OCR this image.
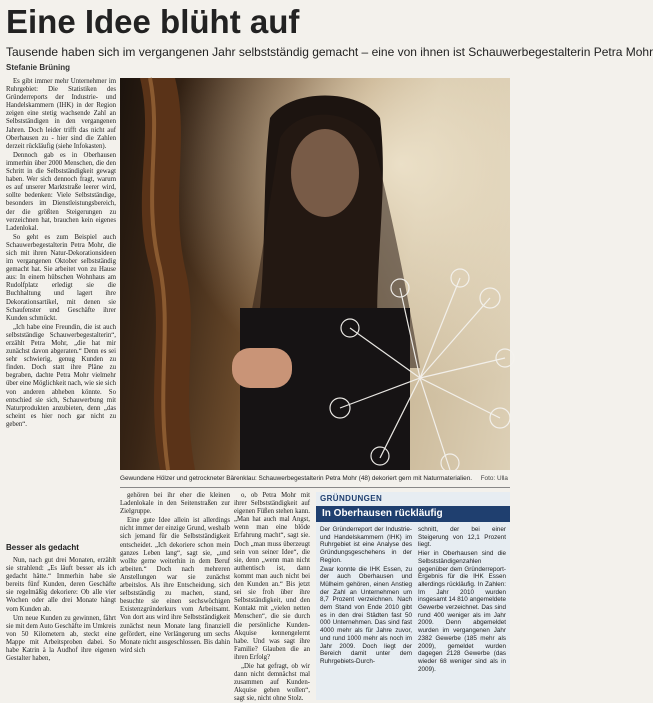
Eine Idee blüht auf
Tausende haben sich im vergangenen Jahr selbstständig gemacht – eine von ihnen ist Schauwerbegestalterin Petra Mohr
Stefanie Brüning

Es gibt immer mehr Unternehmer im Ruhrgebiet: Die Statistiken des Gründerreports der Industrie- und Handelskammern (IHK) in der Region zeigen eine stetig wachsende Zahl an Selbstständigen in den vergangenen Jahren. Doch leider trifft das nicht auf Oberhausen zu - hier sind die Zahlen derzeit rückläufig (siehe Infokasten).

Dennoch gab es in Oberhausen immerhin über 2000 Menschen, die den Schritt in die Selbstständigkeit gewagt haben. Wer sich dennoch fragt, warum es auf unserer Marktstraße leerer wird, sollte bedenken: Viele Selbstständige, besonders im Dienstleistungsbereich, der die größten Steigerungen zu verzeichnen hat, brauchen kein eigenes Ladenlokal.

So geht es zum Beispiel auch Schauwerbegestalterin Petra Mohr, die sich mit ihren Natur-Dekorationsideen im vergangenen Oktober selbstständig gemacht hat. Sie arbeitet von zu Hause aus: In einem hübschen Wohnhaus am Rudolfplatz erledigt sie die Buchhaltung und lagert ihre Dekorationsartikel, mit denen sie Schaufenster und Geschäfte ihrer Kunden schmückt.

„Ich habe eine Freundin, die ist auch selbstständige Schauwerbegestalterin“, erzählt Petra Mohr, „die hat mir zunächst davon abgeraten.“ Denn es sei sehr schwierig, genug Kunden zu finden. Doch statt ihre Pläne zu begraben, dachte Petra Mohr vielmehr über eine Möglichkeit nach, wie sie sich von anderen abheben könnte. So entschied sie sich, Schauwerbung mit Naturprodukten anzubieten, denn „das scheint es hier noch gar nicht zu geben“.

Besser als gedacht

Nun, nach gut drei Monaten, erzählt sie strahlend: „Es läuft besser als ich gedacht hätte.“ Immerhin habe sie bereits fünf Kunden, deren Geschäfte sie regelmäßig dekoriere: Ob alle vier Wochen oder alle drei Monate hängt vom Kunden ab.

Um neue Kunden zu gewinnen, fährt sie mit dem Auto Geschäfte im Umkreis von 50 Kilometern ab, steckt eine Mappe mit Arbeitsproben dabei. So habe Katrin à la Audhof ihre eigenen Gestalter haben,

Gewundene Hölzer und getrockneter Bärenklau: Schauwerbegestalterin Petra Mohr (48) dekoriert gern mit Naturmaterialien. Foto: Ulla

gehören bei ihr eher die kleinen Ladenlokale in den Seitenstraßen zur Zielgruppe.

Eine gute Idee allein ist allerdings nicht immer der einzige Grund, weshalb sich jemand für die Selbstständigkeit entscheidet. „Ich dekoriere schon mein ganzes Leben lang“, sagt sie, „und wollte gerne weiterhin in dem Beruf arbeiten.“ Doch nach mehreren Anstellungen war sie zunächst arbeitslos. Als ihre Entscheidung, sich selbstständig zu machen, stand, besuchte sie einen sechswöchigen Existenzgründerkurs vom Arbeitsamt. Von dort aus wird ihre Selbstständigkeit zunächst neun Monate lang finanziell gefördert, eine Verlängerung um sechs Monate nicht ausgeschlossen. Bis dahin wird sich

o, ob Petra Mohr mit ihrer Selbstständigkeit auf eigenen Füßen stehen kann. „Man hat auch mal Angst, wenn man eine blöde Erfahrung macht“, sagt sie. Doch „man muss überzeugt sein von seiner Idee“, die sie, denn „wenn man nicht authentisch ist, dann kommt man auch nicht bei den Kunden an.“ Bis jetzt sei sie froh über ihre Selbstständigkeit, und den Kontakt mit „vielen netten Menschen“, die sie durch die persönliche Kunden-Akquise kennengelernt habe. Und was sagt ihre Familie? Glauben die an ihren Erfolg?

„Die hat gefragt, ob wir dann nicht demnächst mal zusammen auf Kunden-Akquise gehen wollen“, sagt sie, nicht ohne Stolz.

GRÜNDUNGEN
In Oberhausen rückläufig

Der Gründerreport der Industrie- und Handelskammern (IHK) im Ruhrgebiet ist eine Analyse des Gründungsgeschehens in der Region.

Zwar konnte die IHK Essen, zu der auch Oberhausen und Mülheim gehören, einen Anstieg der Zahl an Unternehmen um 8,7 Prozent verzeichnen. Nach dem Stand von Ende 2010 gibt es in den drei Städten fast 50 000 Unternehmen. Das sind fast 4000 mehr als für Jahre zuvor, und rund 1000 mehr als noch im Jahr 2009. Doch liegt der Bereich damit unter dem Ruhrgebiets-Durch-

schnitt, der bei einer Steigerung von 12,1 Prozent liegt.

Hier in Oberhausen sind die Selbstständigenzahlen gegenüber dem Gründerreport-Ergebnis für die IHK Essen allerdings rückläufig. In Zahlen: Im Jahr 2010 wurden insgesamt 14 810 angemeldete Gewerbe verzeichnet. Das sind rund 400 weniger als im Jahr 2009. Denn abgemeldet wurden im vergangenen Jahr 2382 Gewerbe (185 mehr als 2009), gemeldet wurden dagegen 2128 Gewerbe (das wieder 68 weniger sind als in 2009).
